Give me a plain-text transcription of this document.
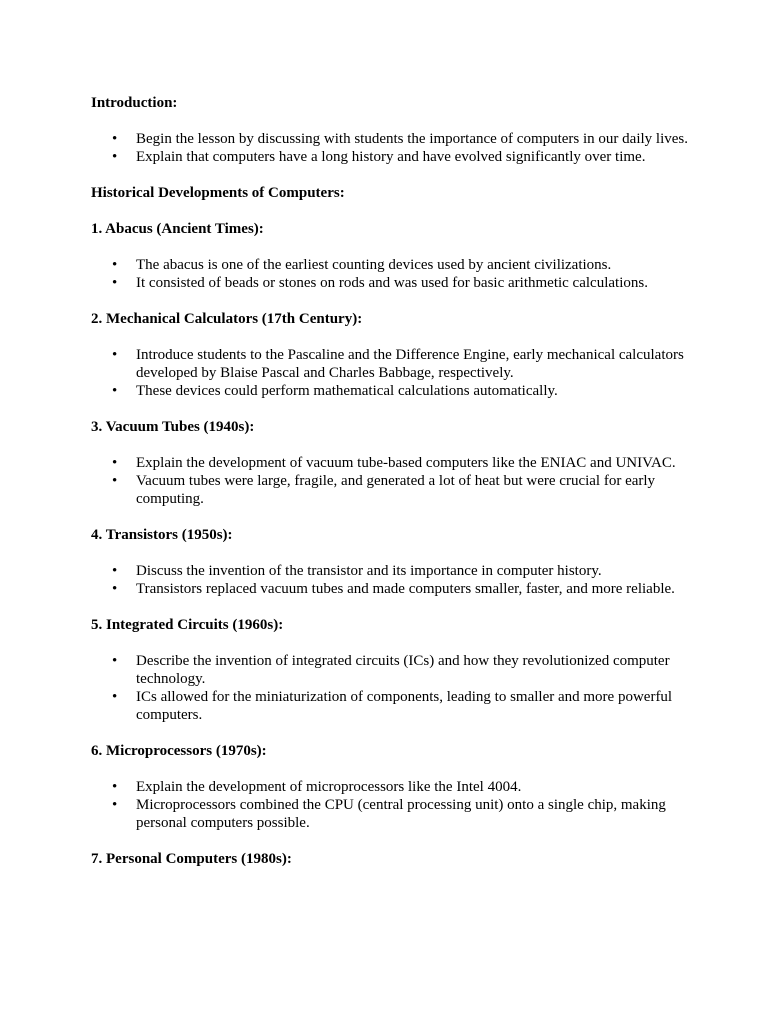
Introduction:

• Begin the lesson by discussing with students the importance of computers in our daily lives.
• Explain that computers have a long history and have evolved significantly over time.

Historical Developments of Computers:

1. Abacus (Ancient Times):

• The abacus is one of the earliest counting devices used by ancient civilizations.
• It consisted of beads or stones on rods and was used for basic arithmetic calculations.

2. Mechanical Calculators (17th Century):

• Introduce students to the Pascaline and the Difference Engine, early mechanical calculators developed by Blaise Pascal and Charles Babbage, respectively.
• These devices could perform mathematical calculations automatically.

3. Vacuum Tubes (1940s):

• Explain the development of vacuum tube-based computers like the ENIAC and UNIVAC.
• Vacuum tubes were large, fragile, and generated a lot of heat but were crucial for early computing.

4. Transistors (1950s):

• Discuss the invention of the transistor and its importance in computer history.
• Transistors replaced vacuum tubes and made computers smaller, faster, and more reliable.

5. Integrated Circuits (1960s):

• Describe the invention of integrated circuits (ICs) and how they revolutionized computer technology.
• ICs allowed for the miniaturization of components, leading to smaller and more powerful computers.

6. Microprocessors (1970s):

• Explain the development of microprocessors like the Intel 4004.
• Microprocessors combined the CPU (central processing unit) onto a single chip, making personal computers possible.

7. Personal Computers (1980s):
